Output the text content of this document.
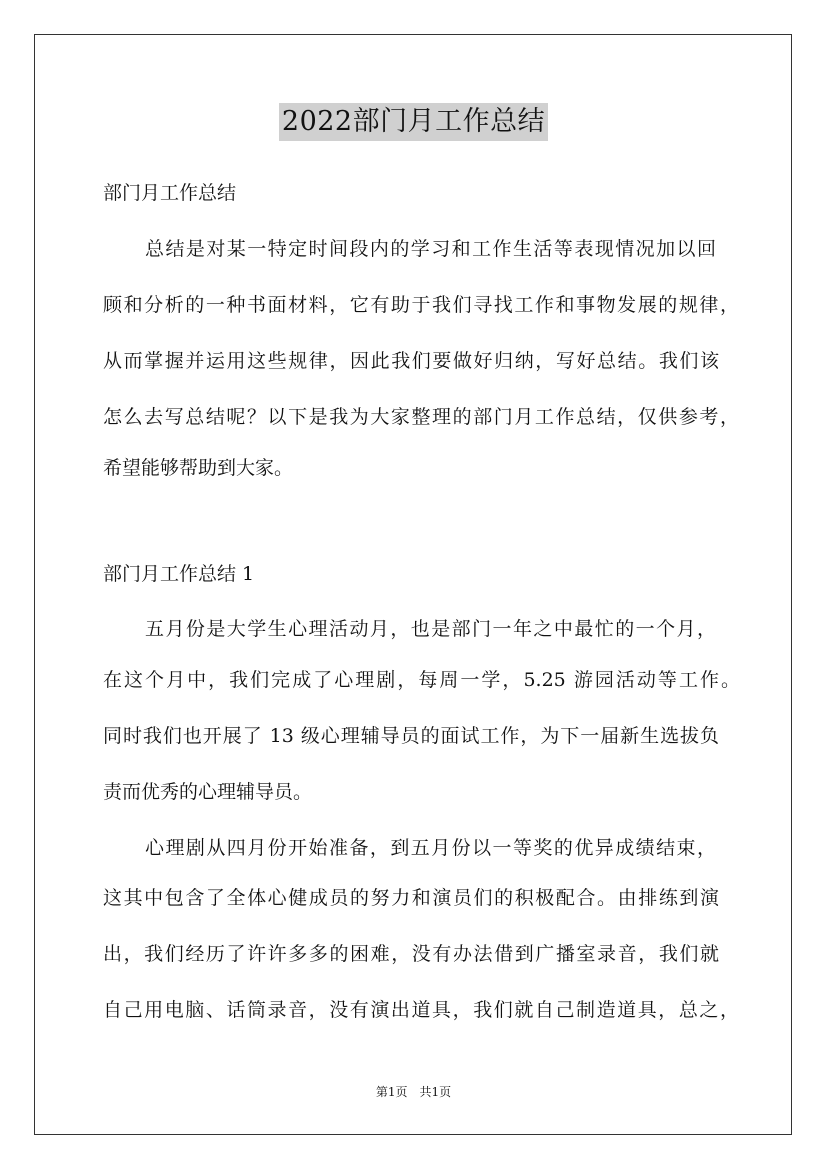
2022部门月工作总结
部门月工作总结
总结是对某一特定时间段内的学习和工作生活等表现情况加以回
顾和分析的一种书面材料，它有助于我们寻找工作和事物发展的规律，
从而掌握并运用这些规律，因此我们要做好归纳，写好总结。我们该
怎么去写总结呢？以下是我为大家整理的部门月工作总结，仅供参考，
希望能够帮助到大家。
部门月工作总结 1
五月份是大学生心理活动月，也是部门一年之中最忙的一个月，
在这个月中，我们完成了心理剧，每周一学，5.25 游园活动等工作。
同时我们也开展了 13 级心理辅导员的面试工作，为下一届新生选拔负
责而优秀的心理辅导员。
心理剧从四月份开始准备，到五月份以一等奖的优异成绩结束，
这其中包含了全体心健成员的努力和演员们的积极配合。由排练到演
出，我们经历了许许多多的困难，没有办法借到广播室录音，我们就
自己用电脑、话筒录音，没有演出道具，我们就自己制造道具，总之，
第1页　共1页
